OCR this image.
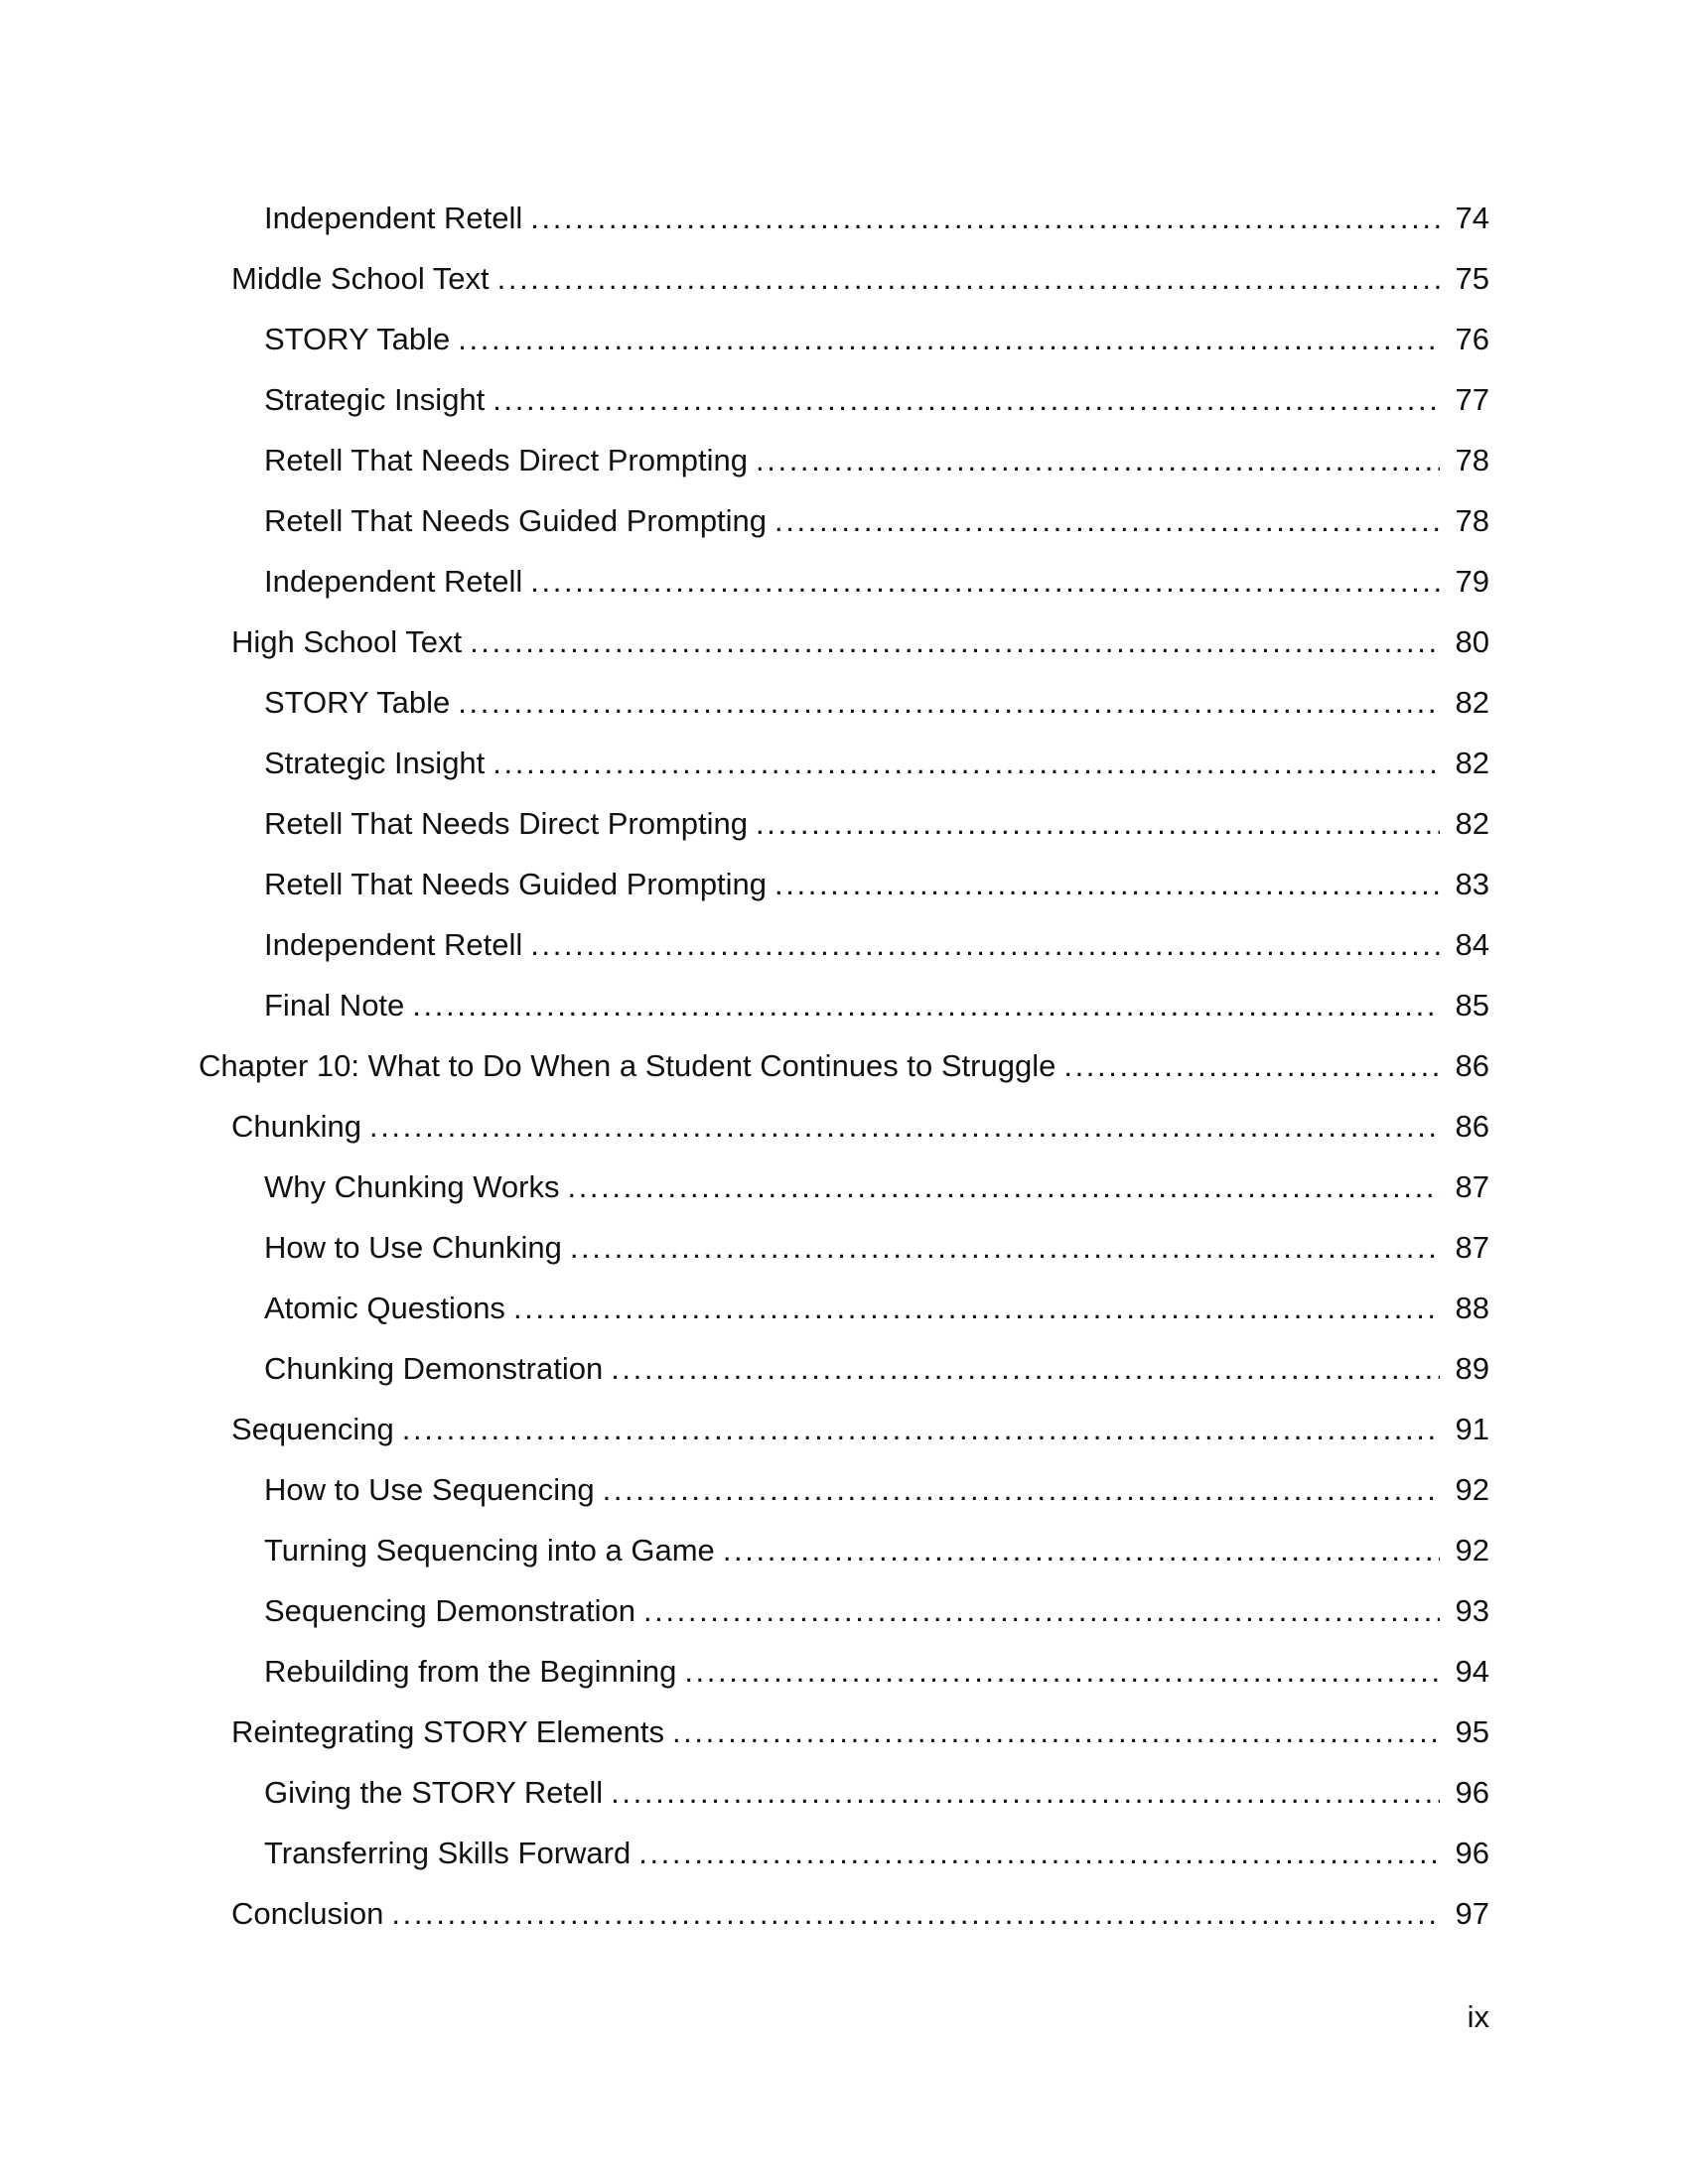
Independent Retell . . .	74
Middle School Text . . .	75
STORY Table . . .	76
Strategic Insight . . .	77
Retell That Needs Direct Prompting . . .	78
Retell That Needs Guided Prompting . . .	78
Independent Retell . . .	79
High School Text . . .	80
STORY Table . . .	82
Strategic Insight . . .	82
Retell That Needs Direct Prompting . . .	82
Retell That Needs Guided Prompting . . .	83
Independent Retell . . .	84
Final Note . . .	85
Chapter 10: What to Do When a Student Continues to Struggle . . .	86
Chunking . . .	86
Why Chunking Works . . .	87
How to Use Chunking . . .	87
Atomic Questions . . .	88
Chunking Demonstration . . .	89
Sequencing . . .	91
How to Use Sequencing . . .	92
Turning Sequencing into a Game . . .	92
Sequencing Demonstration . . .	93
Rebuilding from the Beginning . . .	94
Reintegrating STORY Elements . . .	95
Giving the STORY Retell . . .	96
Transferring Skills Forward . . .	96
Conclusion . . .	97
ix
